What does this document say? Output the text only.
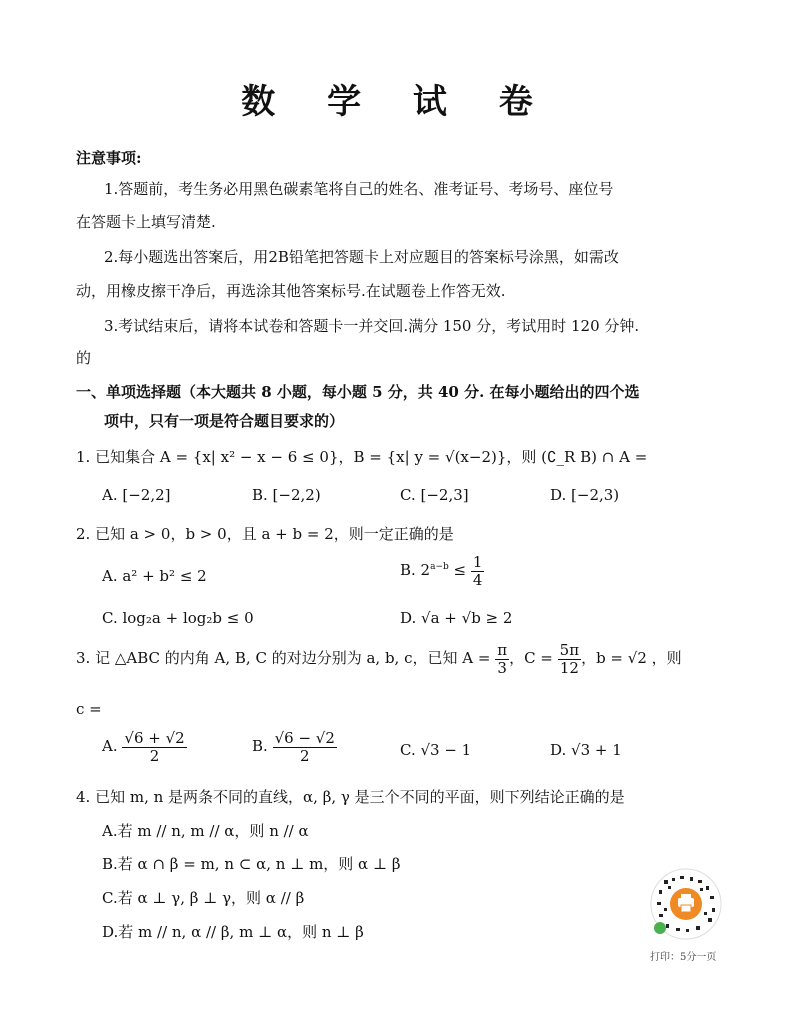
数 学 试 卷
注意事项:
1.答题前，考生务必用黑色碳素笔将自己的姓名、准考证号、考场号、座位号
在答题卡上填写清楚.
2.每小题选出答案后，用2B铅笔把答题卡上对应题目的答案标号涂黑，如需改
动，用橡皮擦干净后，再选涂其他答案标号.在试题卷上作答无效.
3.考试结束后，请将本试卷和答题卡一并交回.满分 150 分，考试用时 120 分钟.
的
一、单项选择题（本大题共 8 小题，每小题 5 分，共 40 分. 在每小题给出的四个选
项中，只有一项是符合题目要求的）
1. 已知集合 A = {x| x² − x − 6 ≤ 0}，B = {x| y = √(x−2)}，则 (∁_R B) ∩ A =
A. [−2,2]	B. [−2,2)	C. [−2,3]	D. [−2,3)
2. 已知 a > 0，b > 0，且 a + b = 2，则一定正确的是
A. a² + b² ≤ 2	B. $2^{a-b} \le \frac{1}{4}$
C. log₂a + log₂b ≤ 0	D. √a + √b ≥ 2
3. 记 △ABC 的内角 A, B, C 的对边分别为 a, b, c，已知 $A = \frac{\pi}{3}$ ，$C = \frac{5\pi}{12}$ ，b = √2 ，则
c =
A. $\frac{√6 + √2}{2}$	B. $\frac{√6 - √2}{2}$	C. √3 − 1	D. √3 + 1
4. 已知 m, n 是两条不同的直线，α, β, γ 是三个不同的平面，则下列结论正确的是
A.若 m // n, m // α，则 n // α
B.若 α ∩ β = m, n ⊂ α, n ⊥ m，则 α ⊥ β
C.若 α ⊥ γ, β ⊥ γ，则 α // β
D.若 m // n, α // β, m ⊥ α，则 n ⊥ β
打印：5分一页
